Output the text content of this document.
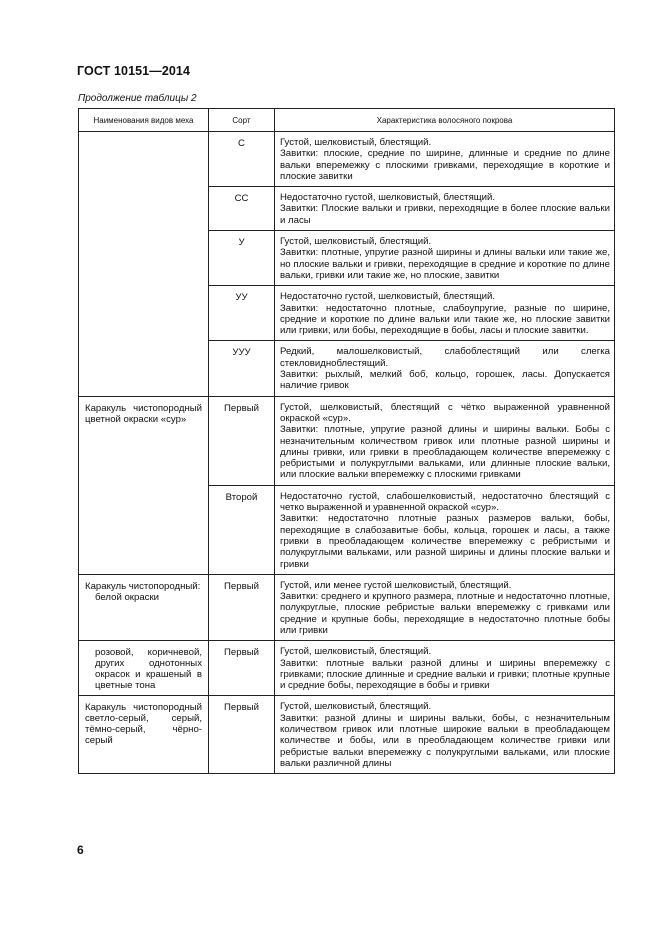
ГОСТ 10151—2014
Продолжение таблицы 2
Наименования видов меха	Сорт	Характеристика волосяного покрова
	С	Густой, шелковистый, блестящий.
Завитки: плоские, средние по ширине, длинные и средние по длине вальки вперемежку с плоскими гривками, переходящие в короткие и плоские завитки

	СС	Недостаточно густой, шелковистый, блестящий.
Завитки: Плоские вальки и гривки, переходящие в более плоские вальки и ласы

	У	Густой, шелковистый, блестящий.
Завитки: плотные, упругие разной ширины и длины вальки или такие же, но плоские вальки и гривки, переходящие в средние и короткие по длине вальки, гривки или такие же, но плоские, завитки

	УУ	Недостаточно густой, шелковистый, блестящий.
Завитки: недостаточно плотные, слабоупругие, разные по ширине, средние и короткие по длине вальки или такие же, но плоские завитки или гривки, или бобы, переходящие в бобы, ласы и плоские завитки.

	УУУ	Редкий, малошелковистый, слабоблестящий или слегка стекловидноблестящий.
Завитки: рыхлый, мелкий боб, кольцо, горошек, ласы. Допускается наличие гривок

Каракуль чистопородный цветной окраски «сур»	Первый	Густой, шелковистый, блестящий с чётко выраженной уравненной окраской «сур».
Завитки: плотные, упругие разной длины и ширины вальки. Бобы с незначительным количеством гривок или плотные разной ширины и длины гривки, или гривки в преобладающем количестве вперемежку с ребристыми и полукруглыми вальками, или длинные плоские вальки, или плоские вальки вперемежку с плоскими гривками

	Второй	Недостаточно густой, слабошелковистый, недостаточно блестящий с четко выраженной и уравненной окраской «сур».
Завитки: недостаточно плотные разных размеров вальки, бобы, переходящие в слабозавитые бобы, кольца, горошек и ласы, а также гривки в преобладающем количестве вперемежку с ребристыми и полукруглыми вальками, или разной ширины и длины плоские вальки и гривки

Каракуль чистопородный:
белой окраски	Первый	Густой, или менее густой шелковистый, блестящий.
Завитки: среднего и крупного размера, плотные и недостаточно плотные, полукруглые, плоские ребристые вальки вперемежку с гривками или средние и крупные бобы, переходящие в недостаточно плотные бобы или гривки

розовой, коричневой, других однотонных окрасок и крашеный в цветные тона	Первый	Густой, шелковистый, блестящий.
Завитки: плотные вальки разной длины и ширины вперемежку с гривками; плоские длинные и средние вальки и гривки; плотные крупные и средние бобы, переходящие в бобы и гривки

Каракуль чистопородный светло-серый, серый, тёмно-серый, чёрно-серый	Первый	Густой, шелковистый, блестящий.
Завитки: разной длины и ширины вальки, бобы, с незначительным количеством гривок или плотные широкие вальки в преобладающем количестве и бобы, или в преобладающем количестве гривки или ребристые вальки вперемежку с полукруглыми вальками, или плоские вальки различной длины
6
